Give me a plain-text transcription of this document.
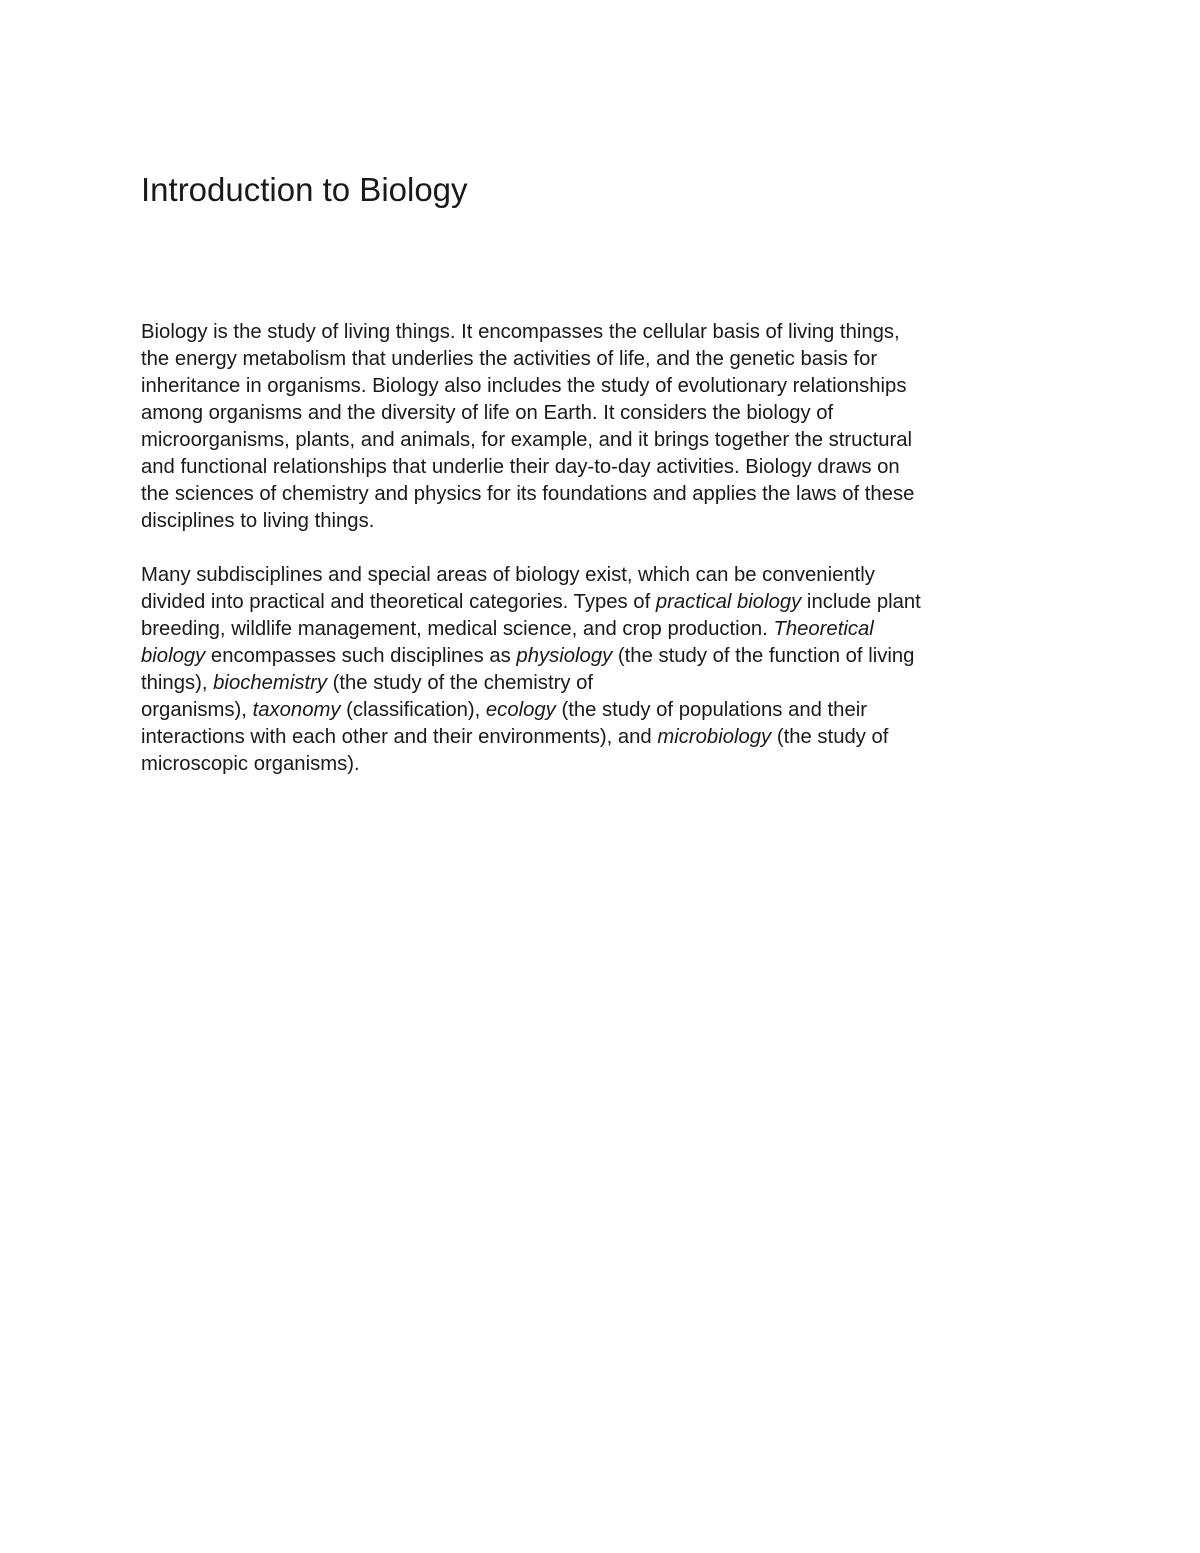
Introduction to Biology

Biology is the study of living things. It encompasses the cellular basis of living things,
the energy metabolism that underlies the activities of life, and the genetic basis for
inheritance in organisms. Biology also includes the study of evolutionary relationships
among organisms and the diversity of life on Earth. It considers the biology of
microorganisms, plants, and animals, for example, and it brings together the structural
and functional relationships that underlie their day-to-day activities. Biology draws on
the sciences of chemistry and physics for its foundations and applies the laws of these
disciplines to living things.

Many subdisciplines and special areas of biology exist, which can be conveniently
divided into practical and theoretical categories. Types of practical biology include plant
breeding, wildlife management, medical science, and crop production. Theoretical
biology encompasses such disciplines as physiology (the study of the function of living
things), biochemistry (the study of the chemistry of
organisms), taxonomy (classification), ecology (the study of populations and their
interactions with each other and their environments), and microbiology (the study of
microscopic organisms).
